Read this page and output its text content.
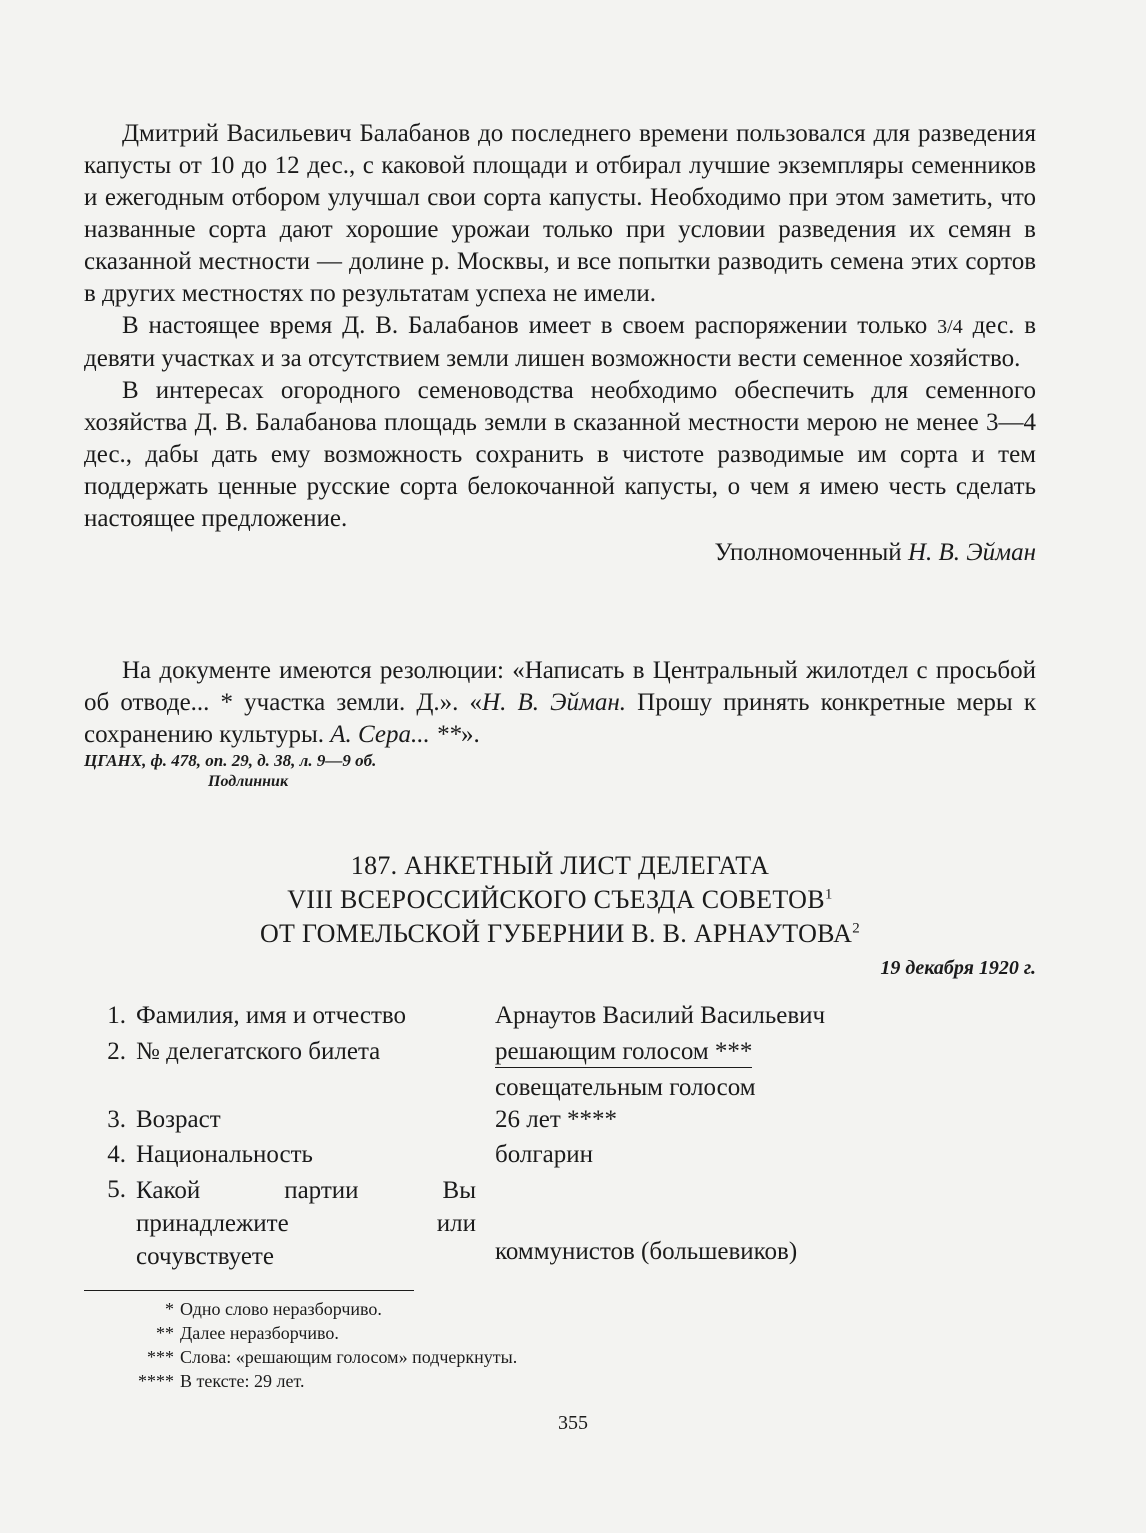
Дмитрий Васильевич Балабанов до последнего времени пользовался для разведения капусты от 10 до 12 дес., с каковой площади и отбирал лучшие экземпляры семенников и ежегодным отбором улучшал свои сорта капусты. Необходимо при этом заметить, что названные сорта дают хорошие урожаи только при условии разведения их семян в сказанной местности — долине р. Москвы, и все попытки разводить семена этих сортов в других местностях по результатам успеха не имели.

В настоящее время Д. В. Балабанов имеет в своем распоряжении только 3/4 дес. в девяти участках и за отсутствием земли лишен возможности вести семенное хозяйство.

В интересах огородного семеноводства необходимо обеспечить для семенного хозяйства Д. В. Балабанова площадь земли в сказанной местности мерою не менее 3—4 дес., дабы дать ему возможность сохранить в чистоте разводимые им сорта и тем поддержать ценные русские сорта белокочанной капусты, о чем я имею честь сделать настоящее предложение.

Уполномоченный Н. В. Эйман

На документе имеются резолюции: «Написать в Центральный жилотдел с просьбой об отводе... * участка земли. Д.». «Н. В. Эйман. Прошу принять конкретные меры к сохранению культуры. А. Сера... **».

ЦГАНХ, ф. 478, оп. 29, д. 38, л. 9—9 об.

Подлинник

187. АНКЕТНЫЙ ЛИСТ ДЕЛЕГАТА

VIII ВСЕРОССИЙСКОГО СЪЕЗДА СОВЕТОВ$^1$

ОТ ГОМЕЛЬСКОЙ ГУБЕРНИИ В. В. АРНАУТОВА$^2$

19 декабря 1920 г.

1. Фамилия, имя и отчество	Арнаутов Василий Васильевич
2. № делегатского билета	решающим голосом ***
совещательным голосом
3. Возраст	26 лет ****
4. Национальность	болгарин
5. Какой партии Вы принадлежите или сочувствуете	коммунистов (большевиков)
* Одно слово неразборчиво.
** Далее неразборчиво.
*** Слова: «решающим голосом» подчеркнуты.
**** В тексте: 29 лет.
355
